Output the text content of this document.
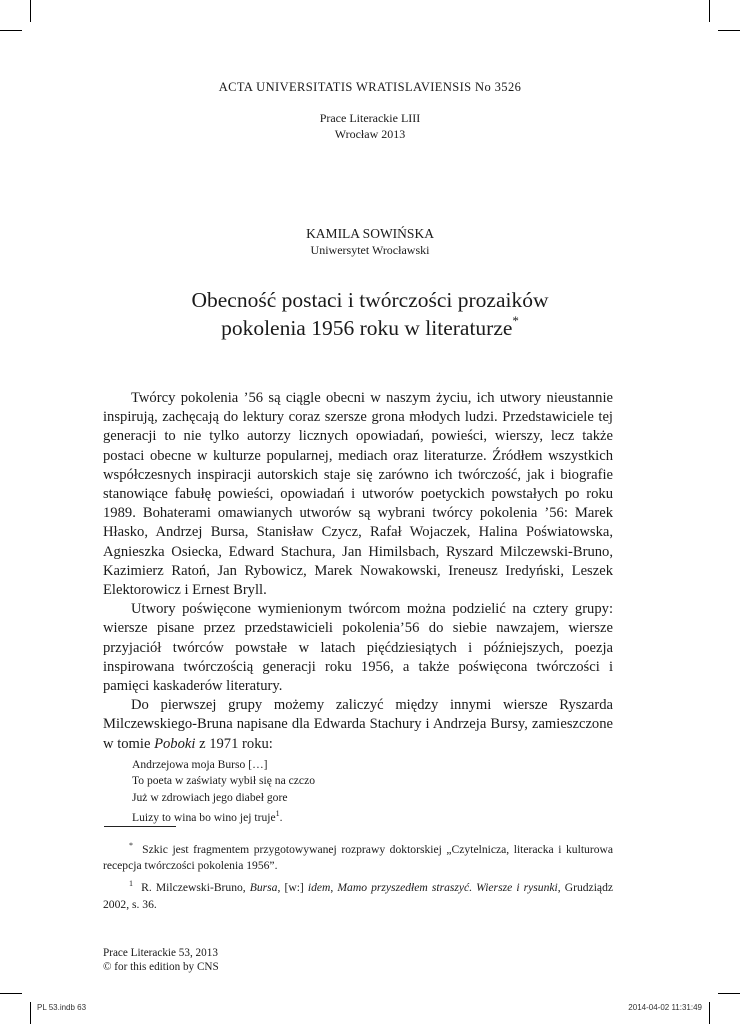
ACTA UNIVERSITATIS WRATISLAVIENSIS No 3526
Prace Literackie LIII
Wrocław 2013
KAMILA SOWIŃSKA
Uniwersytet Wrocławski
Obecność postaci i twórczości prozaików
pokolenia 1956 roku w literaturze*

Twórcy pokolenia ’56 są ciągle obecni w naszym życiu, ich utwory nieustannie inspirują, zachęcają do lektury coraz szersze grona młodych ludzi. Przedstawiciele tej generacji to nie tylko autorzy licznych opowiadań, powieści, wierszy, lecz także postaci obecne w kulturze popularnej, mediach oraz literaturze. Źródłem wszystkich współczesnych inspiracji autorskich staje się zarówno ich twórczość, jak i biografie stanowiące fabułę powieści, opowiadań i utworów poetyckich powstałych po roku 1989. Bohaterami omawianych utworów są wybrani twórcy pokolenia ’56: Marek Hłasko, Andrzej Bursa, Stanisław Czycz, Rafał Wojaczek, Halina Poświatowska, Agnieszka Osiecka, Edward Stachura, Jan Himilsbach, Ryszard Milczewski-Bruno, Kazimierz Ratoń, Jan Rybowicz, Marek Nowakowski, Ireneusz Iredyński, Leszek Elektorowicz i Ernest Bryll.

Utwory poświęcone wymienionym twórcom można podzielić na cztery grupy: wiersze pisane przez przedstawicieli pokolenia’56 do siebie nawzajem, wiersze przyjaciół twórców powstałe w latach pięćdziesiątych i późniejszych, poezja inspirowana twórczością generacji roku 1956, a także poświęcona twórczości i pamięci kaskaderów literatury.

Do pierwszej grupy możemy zaliczyć między innymi wiersze Ryszarda Milczewskiego-Bruna napisane dla Edwarda Stachury i Andrzeja Bursy, zamieszczone w tomie Poboki z 1971 roku:

Andrzejowa moja Burso […]
To poeta w zaświaty wybił się na czczo
Już w zdrowiach jego diabeł gore
Luizy to wina bo wino jej truje$^1$.

* Szkic jest fragmentem przygotowywanej rozprawy doktorskiej „Czytelnicza, literacka i kulturowa recepcja twórczości pokolenia 1956”.

$^1$ R. Milczewski-Bruno, Bursa, [w:] idem, Mamo przyszedłem straszyć. Wiersze i rysunki, Grudziądz 2002, s. 36.

Prace Literackie 53, 2013
© for this edition by CNS
PL 53.indb 63	2014-04-02 11:31:49
